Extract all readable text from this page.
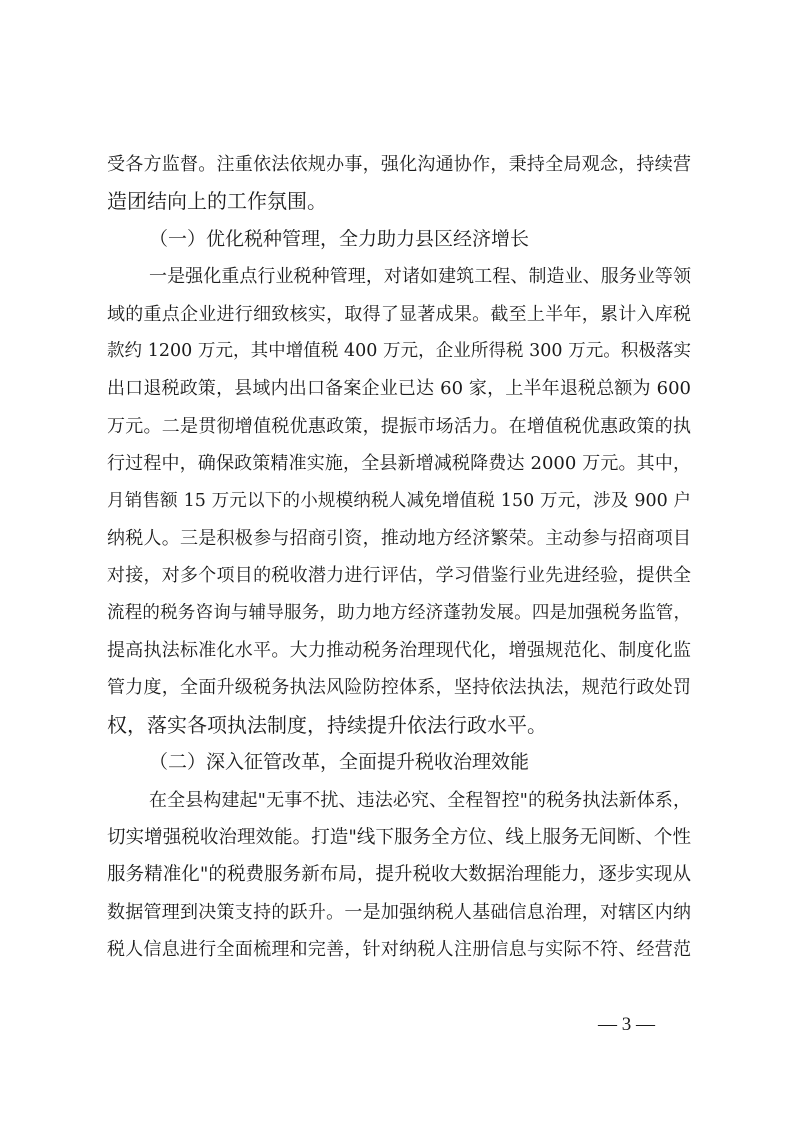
受各方监督。注重依法依规办事，强化沟通协作，秉持全局观念，持续营
造团结向上的工作氛围。
（一）优化税种管理，全力助力县区经济增长
一是强化重点行业税种管理，对诸如建筑工程、制造业、服务业等领
域的重点企业进行细致核实，取得了显著成果。截至上半年，累计入库税
款约 1200 万元，其中增值税 400 万元，企业所得税 300 万元。积极落实
出口退税政策，县域内出口备案企业已达 60 家，上半年退税总额为 600
万元。二是贯彻增值税优惠政策，提振市场活力。在增值税优惠政策的执
行过程中，确保政策精准实施，全县新增减税降费达 2000 万元。其中，
月销售额 15 万元以下的小规模纳税人减免增值税 150 万元，涉及 900 户
纳税人。三是积极参与招商引资，推动地方经济繁荣。主动参与招商项目
对接，对多个项目的税收潜力进行评估，学习借鉴行业先进经验，提供全
流程的税务咨询与辅导服务，助力地方经济蓬勃发展。四是加强税务监管，
提高执法标准化水平。大力推动税务治理现代化，增强规范化、制度化监
管力度，全面升级税务执法风险防控体系，坚持依法执法，规范行政处罚
权，落实各项执法制度，持续提升依法行政水平。
（二）深入征管改革，全面提升税收治理效能
在全县构建起"无事不扰、违法必究、全程智控"的税务执法新体系，
切实增强税收治理效能。打造"线下服务全方位、线上服务无间断、个性
服务精准化"的税费服务新布局，提升税收大数据治理能力，逐步实现从
数据管理到决策支持的跃升。一是加强纳税人基础信息治理，对辖区内纳
税人信息进行全面梳理和完善，针对纳税人注册信息与实际不符、经营范
— 3 —
